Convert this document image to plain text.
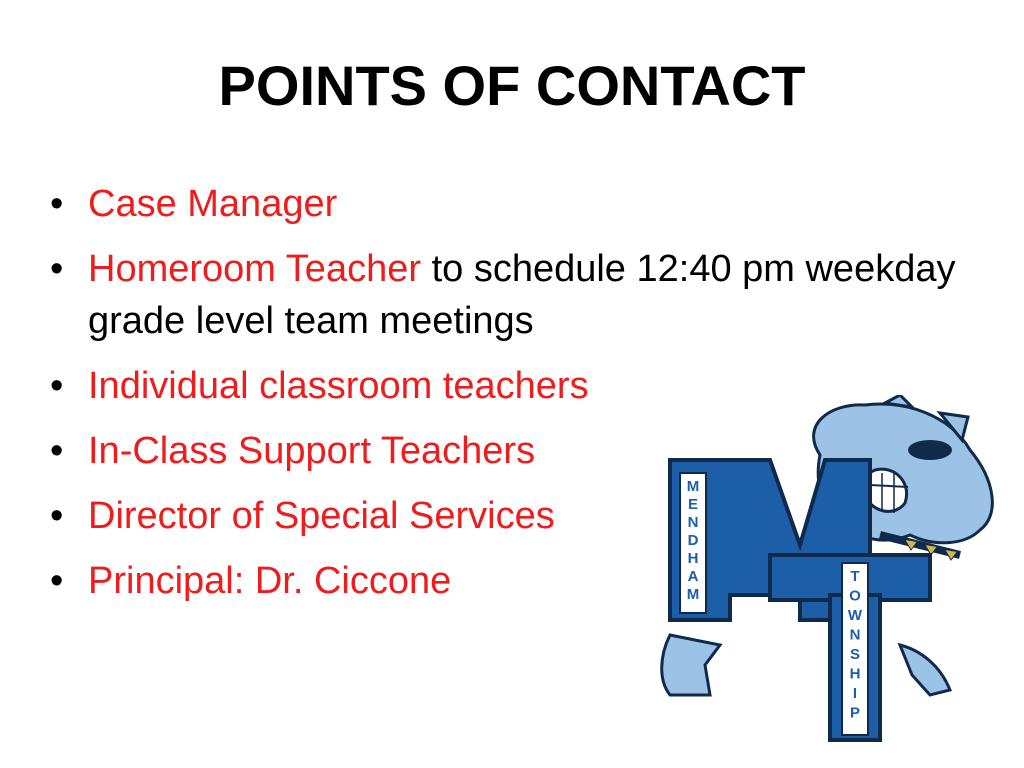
POINTS OF CONTACT
• Case Manager
• Homeroom Teacher to schedule 12:40 pm weekday grade level team meetings
• Individual classroom teachers
• In-Class Support Teachers
• Director of Special Services
• Principal: Dr. Ciccone
M
E
N
D
H
A
M
T
O
W
N
S
H
I
P
